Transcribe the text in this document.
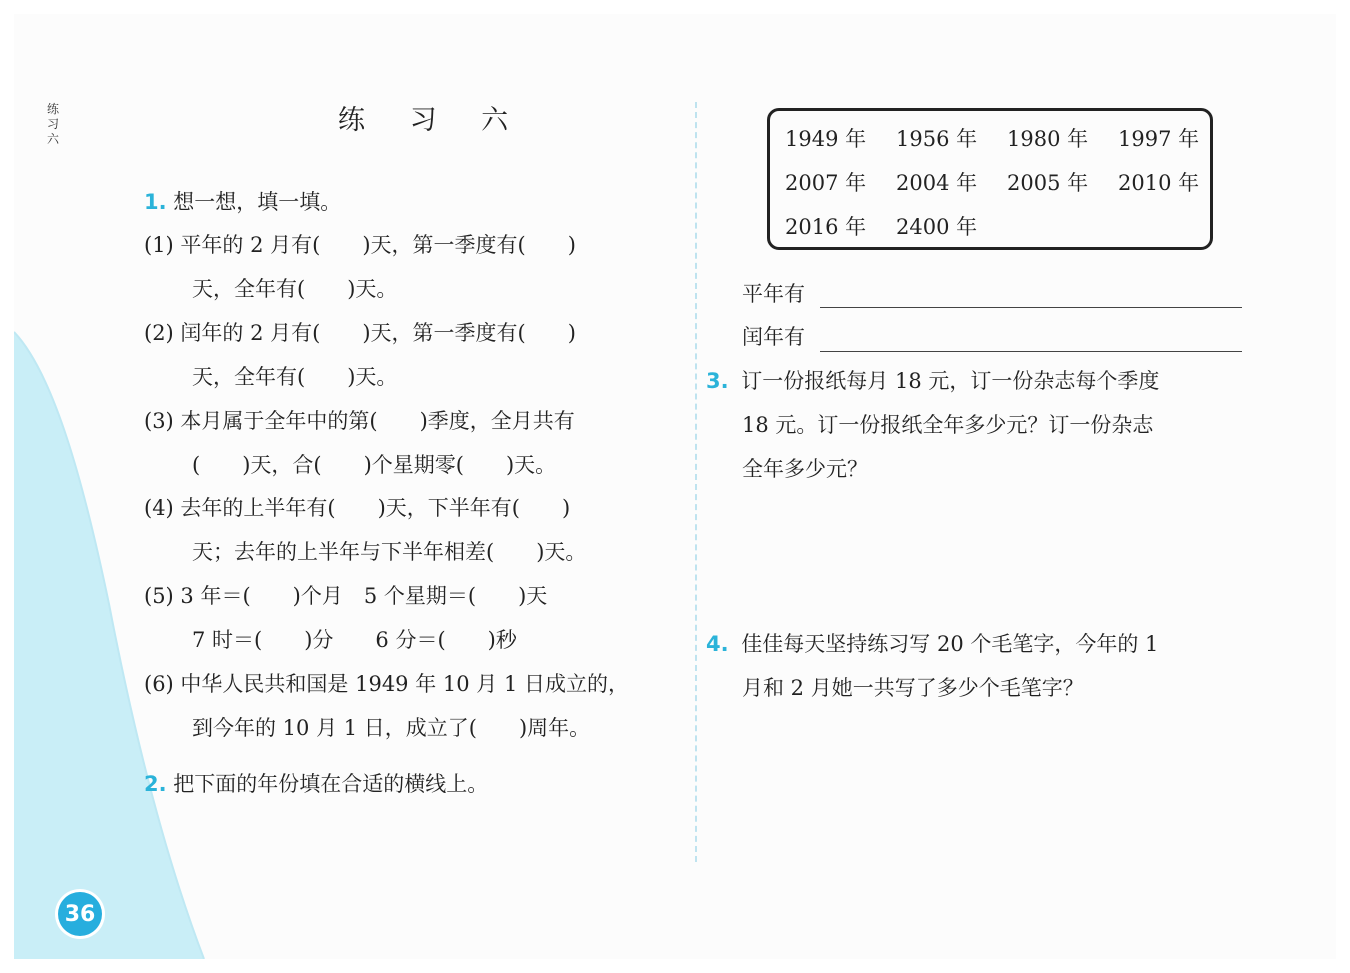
练
习
六
练 习 六
1. 想一想，填一填。
(1) 平年的 2 月有(　　)天，第一季度有(　　)
天，全年有(　　)天。
(2) 闰年的 2 月有(　　)天，第一季度有(　　)
天，全年有(　　)天。
(3) 本月属于全年中的第(　　)季度，全月共有
(　　)天，合(　　)个星期零(　　)天。
(4) 去年的上半年有(　　)天，下半年有(　　)
天；去年的上半年与下半年相差(　　)天。
(5) 3 年＝(　　)个月　5 个星期＝(　　)天
7 时＝(　　)分　　6 分＝(　　)秒
(6) 中华人民共和国是 1949 年 10 月 1 日成立的，
到今年的 10 月 1 日，成立了(　　)周年。
2. 把下面的年份填在合适的横线上。
1949 年 1956 年 1980 年 1997 年
2007 年 2004 年 2005 年 2010 年
2016 年 2400 年
平年有
闰年有
3. 订一份报纸每月 18 元，订一份杂志每个季度
18 元。订一份报纸全年多少元？订一份杂志
全年多少元？
4. 佳佳每天坚持练习写 20 个毛笔字，今年的 1
月和 2 月她一共写了多少个毛笔字？
36
